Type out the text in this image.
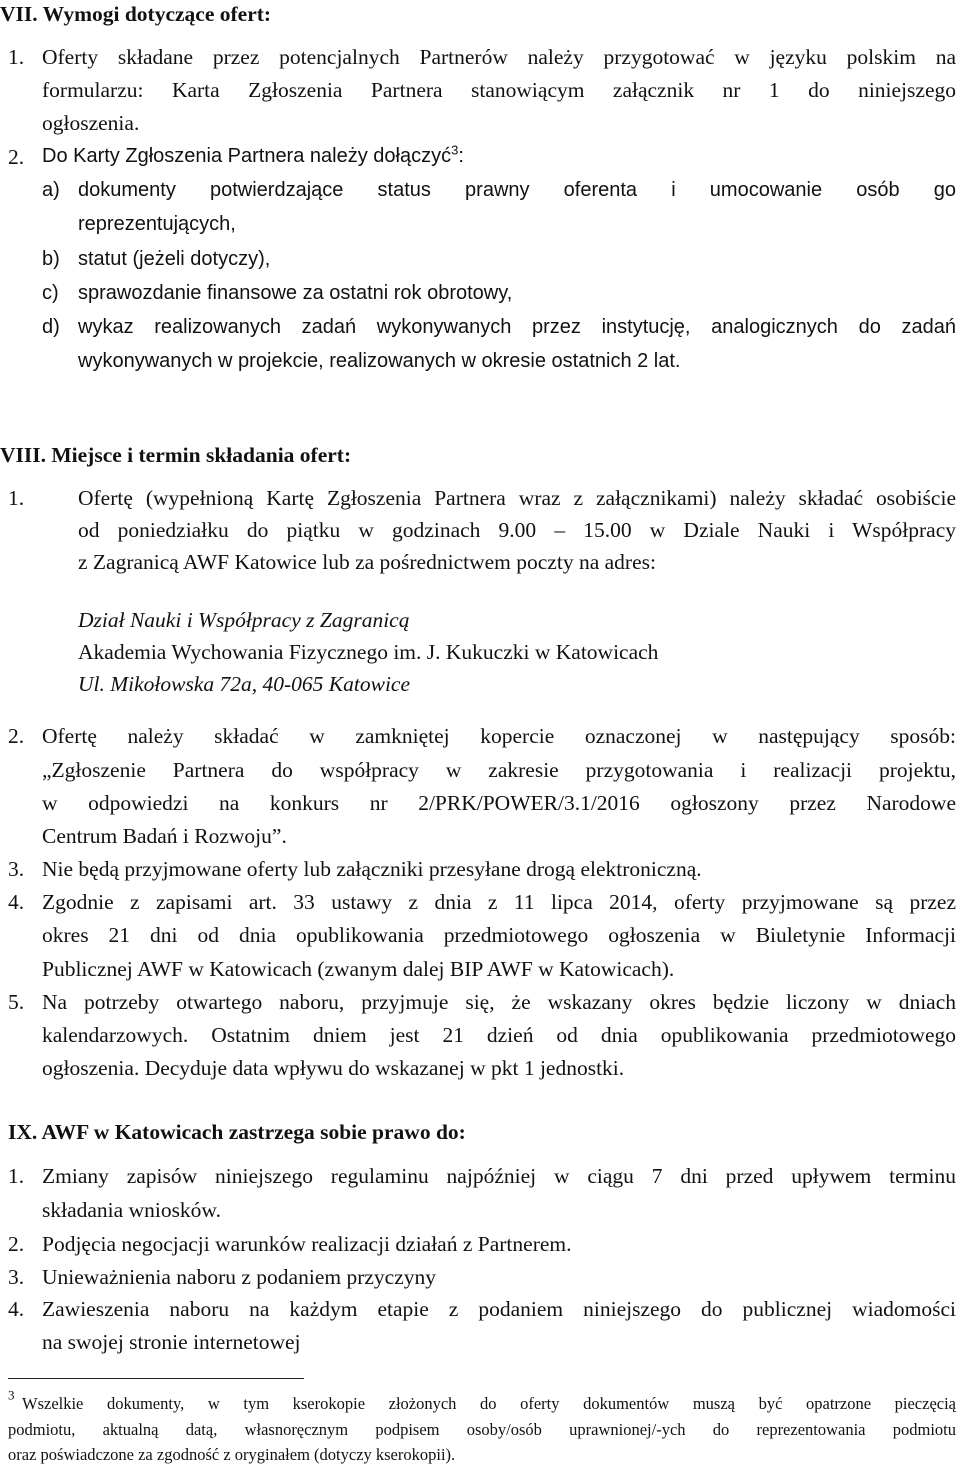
VII. Wymogi dotyczące ofert:
1. Oferty składane przez potencjalnych Partnerów należy przygotować w języku polskim na
formularzu: Karta Zgłoszenia Partnera stanowiącym załącznik nr 1 do niniejszego
ogłoszenia.
2. Do Karty Zgłoszenia Partnera należy dołączyć$^3$:
a) dokumenty potwierdzające status prawny oferenta i umocowanie osób go
reprezentujących,
b) statut (jeżeli dotyczy),
c) sprawozdanie finansowe za ostatni rok obrotowy,
d) wykaz realizowanych zadań wykonywanych przez instytucję, analogicznych do zadań
wykonywanych w projekcie, realizowanych w okresie ostatnich 2 lat.
VIII. Miejsce i termin składania ofert:
1.	Ofertę (wypełnioną Kartę Zgłoszenia Partnera wraz z załącznikami) należy składać osobiście
od poniedziałku do piątku w godzinach 9.00 – 15.00 w Dziale Nauki i Współpracy
z Zagranicą AWF Katowice lub za pośrednictwem poczty na adres:
Dział Nauki i Współpracy z Zagranicą
Akademia Wychowania Fizycznego im. J. Kukuczki w Katowicach
Ul. Mikołowska 72a, 40-065 Katowice
2. Ofertę należy składać w zamkniętej kopercie oznaczonej w następujący sposób:
„Zgłoszenie Partnera do współpracy w zakresie przygotowania i realizacji projektu,
w odpowiedzi na konkurs nr 2/PRK/POWER/3.1/2016 ogłoszony przez Narodowe
Centrum Badań i Rozwoju”.
3. Nie będą przyjmowane oferty lub załączniki przesyłane drogą elektroniczną.
4. Zgodnie z zapisami art. 33 ustawy z dnia z 11 lipca 2014, oferty przyjmowane są przez
okres 21 dni od dnia opublikowania przedmiotowego ogłoszenia w Biuletynie Informacji
Publicznej AWF w Katowicach (zwanym dalej BIP AWF w Katowicach).
5. Na potrzeby otwartego naboru, przyjmuje się, że wskazany okres będzie liczony w dniach
kalendarzowych. Ostatnim dniem jest 21 dzień od dnia opublikowania przedmiotowego
ogłoszenia. Decyduje data wpływu do wskazanej w pkt 1 jednostki.
IX. AWF w Katowicach zastrzega sobie prawo do:
1. Zmiany zapisów niniejszego regulaminu najpóźniej w ciągu 7 dni przed upływem terminu
składania wniosków.
2. Podjęcia negocjacji warunków realizacji działań z Partnerem.
3. Unieważnienia naboru z podaniem przyczyny
4. Zawieszenia naboru na każdym etapie z podaniem niniejszego do publicznej wiadomości
na swojej stronie internetowej
$^3$ Wszelkie dokumenty, w tym kserokopie złożonych do oferty dokumentów muszą być opatrzone pieczęcią
podmiotu, aktualną datą, własnoręcznym podpisem osoby/osób uprawnionej/-ych do reprezentowania podmiotu
oraz poświadczone za zgodność z oryginałem (dotyczy kserokopii).
